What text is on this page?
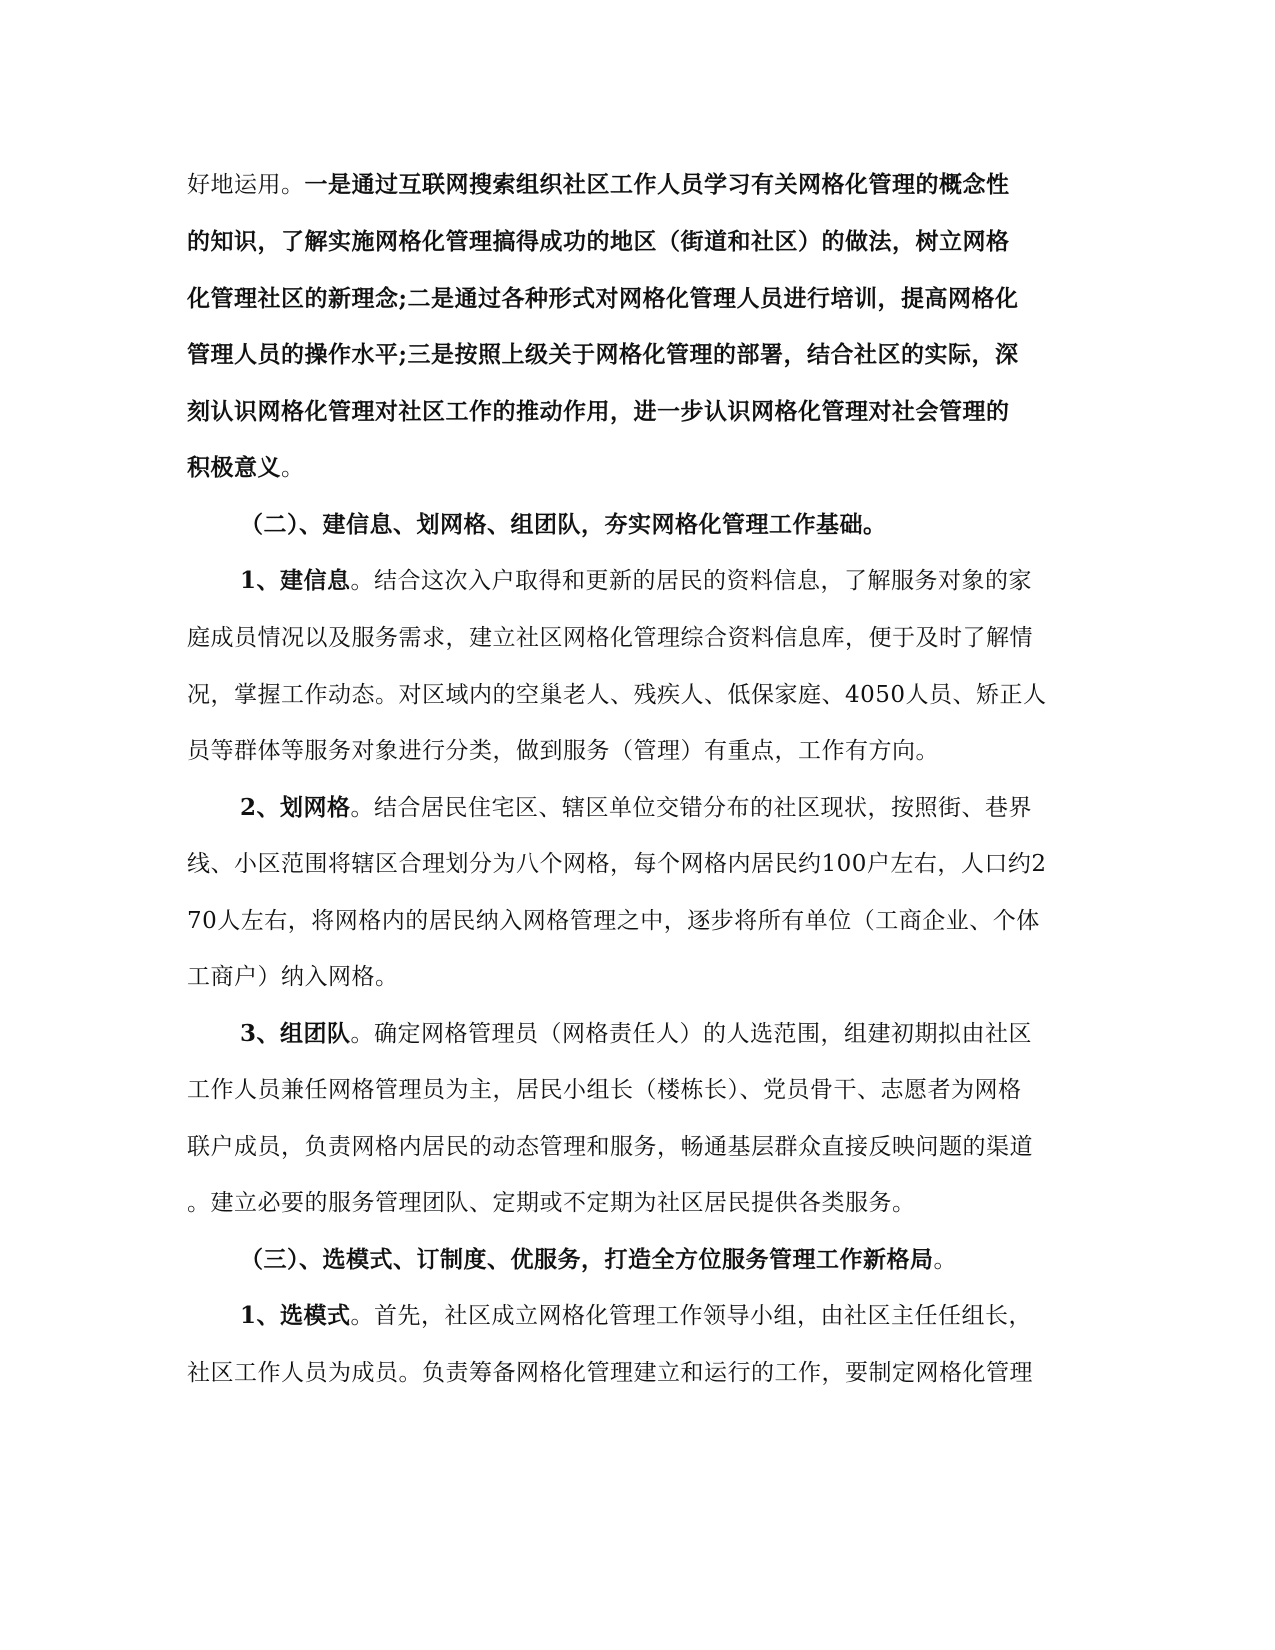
好地运用。一是通过互联网搜索组织社区工作人员学习有关网格化管理的概念性
的知识，了解实施网格化管理搞得成功的地区（街道和社区）的做法，树立网格
化管理社区的新理念;二是通过各种形式对网格化管理人员进行培训，提高网格化
管理人员的操作水平;三是按照上级关于网格化管理的部署，结合社区的实际，深
刻认识网格化管理对社区工作的推动作用，进一步认识网格化管理对社会管理的
积极意义。
（二）、建信息、划网格、组团队，夯实网格化管理工作基础。
1、建信息。结合这次入户取得和更新的居民的资料信息，了解服务对象的家
庭成员情况以及服务需求，建立社区网格化管理综合资料信息库，便于及时了解情
况，掌握工作动态。对区域内的空巢老人、残疾人、低保家庭、4050人员、矫正人
员等群体等服务对象进行分类，做到服务（管理）有重点，工作有方向。
2、划网格。结合居民住宅区、辖区单位交错分布的社区现状，按照街、巷界
线、小区范围将辖区合理划分为八个网格，每个网格内居民约100户左右，人口约2
70人左右，将网格内的居民纳入网格管理之中，逐步将所有单位（工商企业、个体
工商户）纳入网格。
3、组团队。确定网格管理员（网格责任人）的人选范围，组建初期拟由社区
工作人员兼任网格管理员为主，居民小组长（楼栋长）、党员骨干、志愿者为网格
联户成员，负责网格内居民的动态管理和服务，畅通基层群众直接反映问题的渠道
。建立必要的服务管理团队、定期或不定期为社区居民提供各类服务。
（三）、选模式、订制度、优服务，打造全方位服务管理工作新格局。
1、选模式。首先，社区成立网格化管理工作领导小组，由社区主任任组长，
社区工作人员为成员。负责筹备网格化管理建立和运行的工作，要制定网格化管理
